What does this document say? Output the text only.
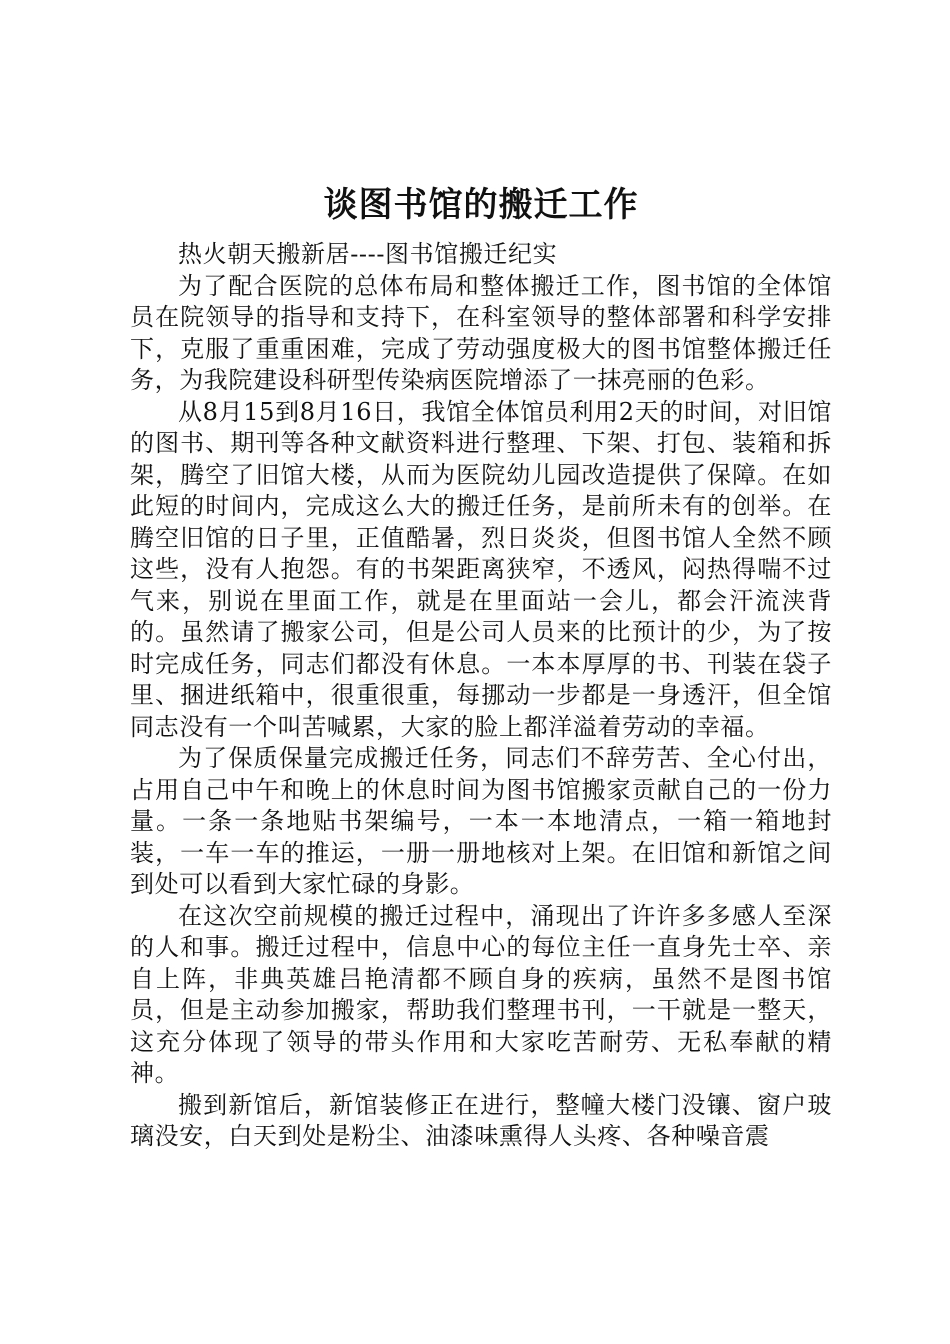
谈图书馆的搬迁工作

热火朝天搬新居----图书馆搬迁纪实

为了配合医院的总体布局和整体搬迁工作，图书馆的全体馆员在院领导的指导和支持下，在科室领导的整体部署和科学安排下，克服了重重困难，完成了劳动强度极大的图书馆整体搬迁任务，为我院建设科研型传染病医院增添了一抹亮丽的色彩。

从8月15到8月16日，我馆全体馆员利用2天的时间，对旧馆的图书、期刊等各种文献资料进行整理、下架、打包、装箱和拆架，腾空了旧馆大楼，从而为医院幼儿园改造提供了保障。在如此短的时间内，完成这么大的搬迁任务，是前所未有的创举。在腾空旧馆的日子里，正值酷暑，烈日炎炎，但图书馆人全然不顾这些，没有人抱怨。有的书架距离狭窄，不透风，闷热得喘不过气来，别说在里面工作，就是在里面站一会儿，都会汗流浃背的。虽然请了搬家公司，但是公司人员来的比预计的少，为了按时完成任务，同志们都没有休息。一本本厚厚的书、刊装在袋子里、捆进纸箱中，很重很重，每挪动一步都是一身透汗，但全馆同志没有一个叫苦喊累，大家的脸上都洋溢着劳动的幸福。

为了保质保量完成搬迁任务，同志们不辞劳苦、全心付出，占用自己中午和晚上的休息时间为图书馆搬家贡献自己的一份力量。一条一条地贴书架编号，一本一本地清点，一箱一箱地封装，一车一车的推运，一册一册地核对上架。在旧馆和新馆之间到处可以看到大家忙碌的身影。

在这次空前规模的搬迁过程中，涌现出了许许多多感人至深的人和事。搬迁过程中，信息中心的每位主任一直身先士卒、亲自上阵，非典英雄吕艳清都不顾自身的疾病，虽然不是图书馆员，但是主动参加搬家，帮助我们整理书刊，一干就是一整天，这充分体现了领导的带头作用和大家吃苦耐劳、无私奉献的精神。

搬到新馆后，新馆装修正在进行，整幢大楼门没镶、窗户玻璃没安，白天到处是粉尘、油漆味熏得人头疼、各种噪音震
